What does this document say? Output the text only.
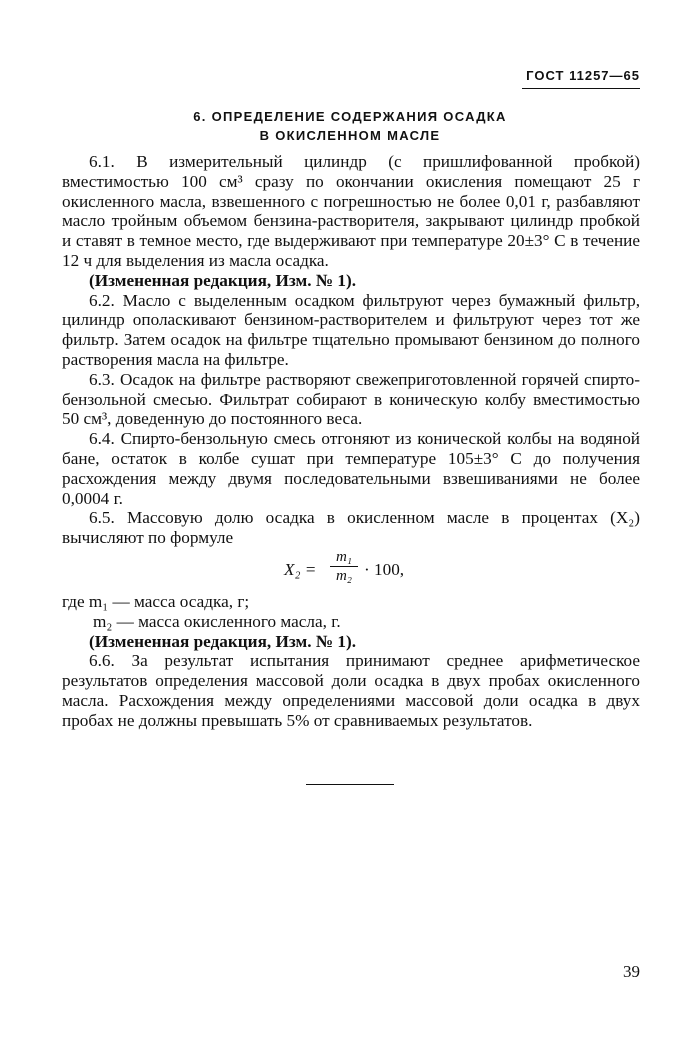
ГОСТ 11257—65
6. ОПРЕДЕЛЕНИЕ СОДЕРЖАНИЯ ОСАДКА
В ОКИСЛЕННОМ МАСЛЕ

6.1. В измерительный цилиндр (с пришлифованной пробкой) вместимостью 100 см³ сразу по окончании окисления помещают 25 г окисленного масла, взвешенного с погрешностью не более 0,01 г, разбавляют масло тройным объемом бензина-растворителя, закрывают цилиндр пробкой и ставят в темное место, где выдерживают при температуре 20±3° С в течение 12 ч для выделения из масла осадка.

(Измененная редакция, Изм. № 1).

6.2. Масло с выделенным осадком фильтруют через бумажный фильтр, цилиндр ополаскивают бензином-растворителем и фильтруют через тот же фильтр. Затем осадок на фильтре тщательно промывают бензином до полного растворения масла на фильтре.

6.3. Осадок на фильтре растворяют свежеприготовленной горячей спирто-бензольной смесью. Фильтрат собирают в коническую колбу вместимостью 50 см³, доведенную до постоянного веса.

6.4. Спирто-бензольную смесь отгоняют из конической колбы на водяной бане, остаток в колбе сушат при температуре 105±3° С до получения расхождения между двумя последовательными взвешиваниями не более 0,0004 г.

6.5. Массовую долю осадка в окисленном масле в процентах (X₂) вычисляют по формуле

$X_2 = \frac{\text{m₁}}{\text{m₂}} \cdot 100$,

где m₁ — масса осадка, г;

m₂ — масса окисленного масла, г.

(Измененная редакция, Изм. № 1).

6.6. За результат испытания принимают среднее арифметическое результатов определения массовой доли осадка в двух пробах окисленного масла. Расхождения между определениями массовой доли осадка в двух пробах не должны превышать 5% от сравниваемых результатов.

39
